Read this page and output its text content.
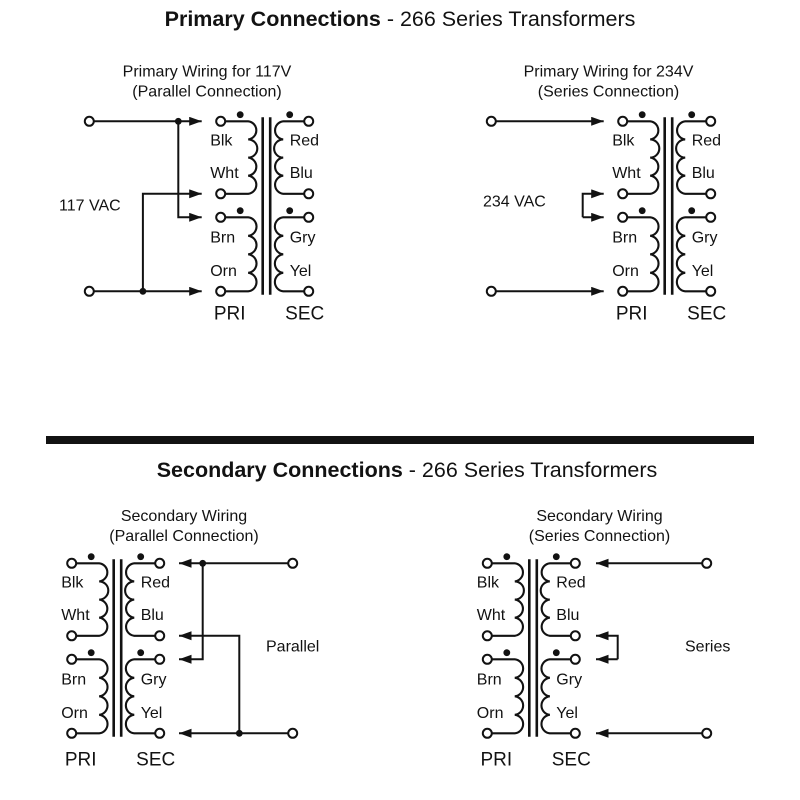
Primary Connections - 266 Series Transformers
Secondary Connections - 266 Series Transformers
Primary Wiring for 117V
(Parallel Connection)
117 VAC
Blk
Wht
Brn
Orn
Red
Blu
Gry
Yel
PRI SEC
Primary Wiring for 234V
(Series Connection)
234 VAC
Blk
Wht
Brn
Orn
Red
Blu
Gry
Yel
PRI SEC
Secondary Wiring
(Parallel Connection)
Parallel
Blk
Wht
Brn
Orn
Red
Blu
Gry
Yel
PRI SEC
Secondary Wiring
(Series Connection)
Series
Blk
Wht
Brn
Orn
Red
Blu
Gry
Yel
PRI SEC
